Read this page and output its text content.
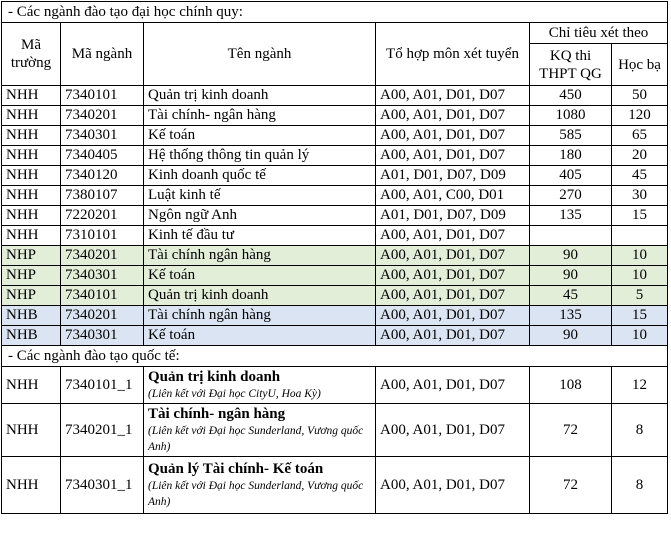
- Các ngành đào tạo đại học chính quy:					
Mã trường	Mã ngành	Tên ngành	Tổ hợp môn xét tuyển	Chỉ tiêu xét theo	
				KQ thi THPT QG	Học bạ
NHH	7340101	Quản trị kinh doanh	A00, A01, D01, D07	450	50
NHH	7340201	Tài chính- ngân hàng	A00, A01, D01, D07	1080	120
NHH	7340301	Kế toán	A00, A01, D01, D07	585	65
NHH	7340405	Hệ thống thông tin quản lý	A00, A01, D01, D07	180	20
NHH	7340120	Kinh doanh quốc tế	A01, D01, D07, D09	405	45
NHH	7380107	Luật kinh tế	A00, A01, C00, D01	270	30
NHH	7220201	Ngôn ngữ Anh	A01, D01, D07, D09	135	15
NHH	7310101	Kinh tế đầu tư	A00, A01, D01, D07		
NHP	7340201	Tài chính ngân hàng	A00, A01, D01, D07	90	10
NHP	7340301	Kế toán	A00, A01, D01, D07	90	10
NHP	7340101	Quản trị kinh doanh	A00, A01, D01, D07	45	5
NHB	7340201	Tài chính ngân hàng	A00, A01, D01, D07	135	15
NHB	7340301	Kế toán	A00, A01, D01, D07	90	10
- Các ngành đào tạo quốc tế:					
NHH	7340101_1	Quản trị kinh doanh
(Liên kết với Đại học CityU, Hoa Kỳ)	A00, A01, D01, D07	108	12
NHH	7340201_1	Tài chính- ngân hàng
(Liên kết với Đại học Sunderland, Vương quốc Anh)	A00, A01, D01, D07	72	8
NHH	7340301_1	Quản lý Tài chính- Kế toán
(Liên kết với Đại học Sunderland, Vương quốc Anh)	A00, A01, D01, D07	72	8
